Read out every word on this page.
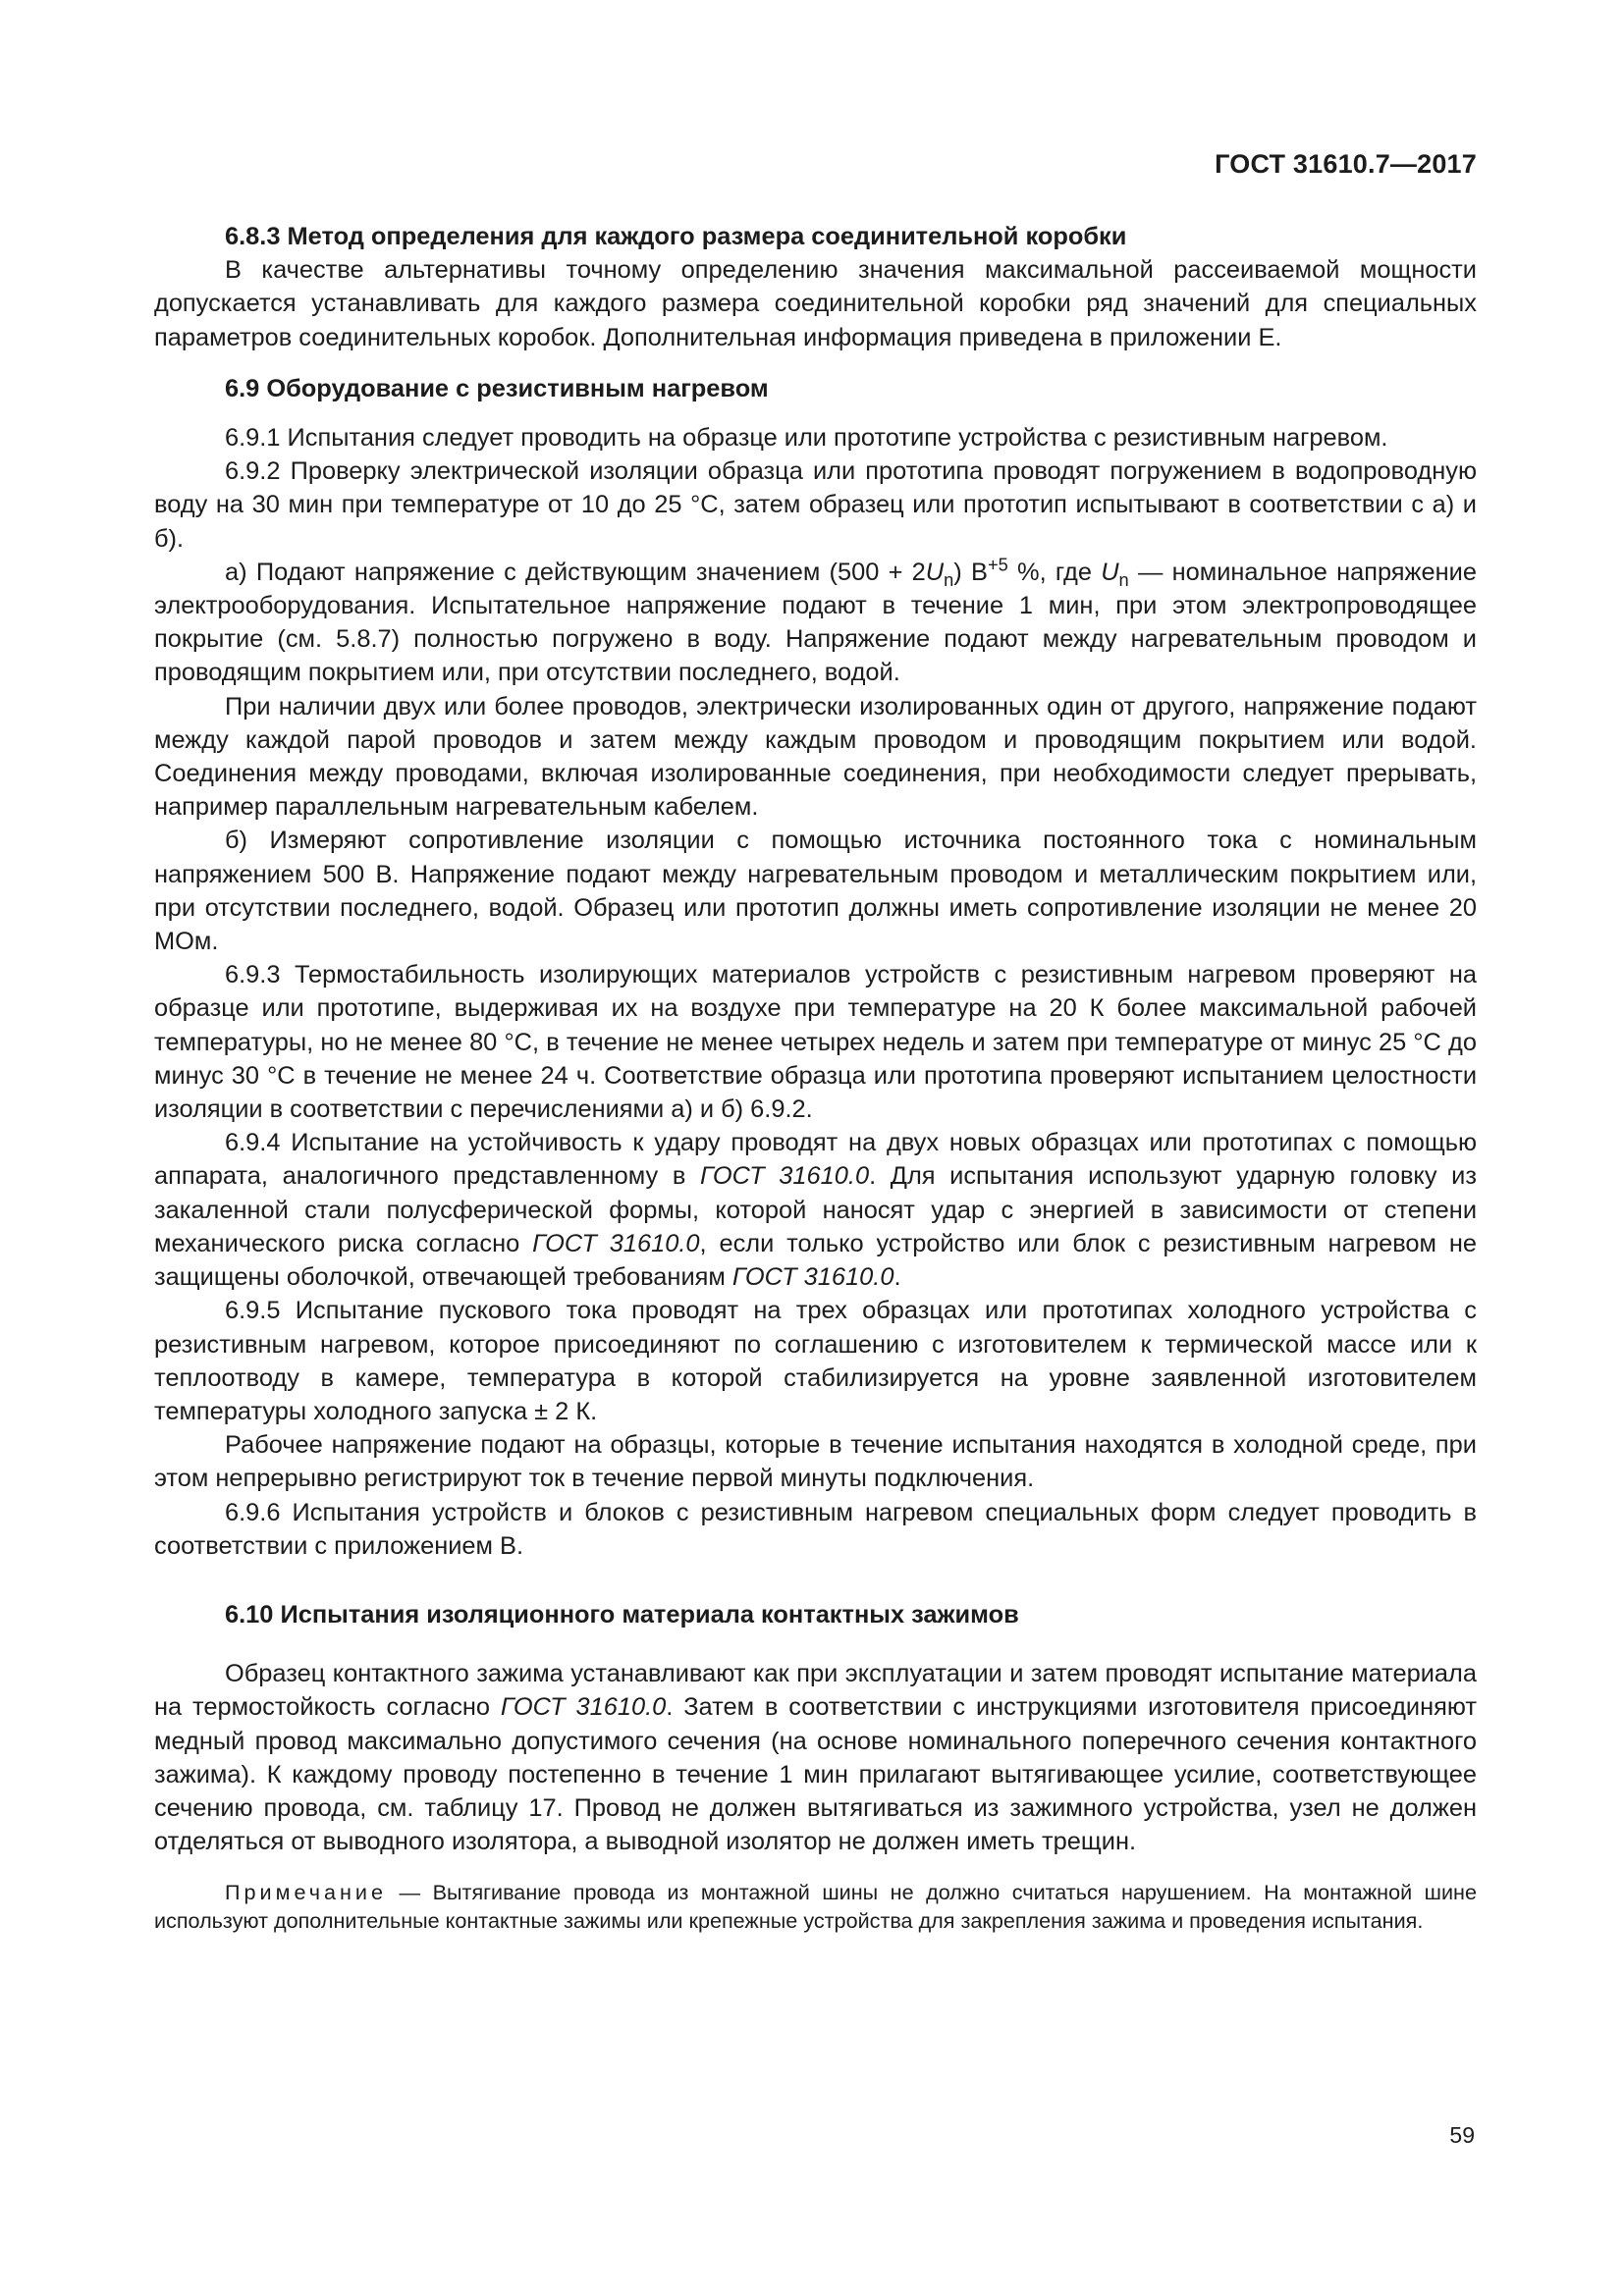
ГОСТ 31610.7—2017
6.8.3 Метод определения для каждого размера соединительной коробки

В качестве альтернативы точному определению значения максимальной рассеиваемой мощности допускается устанавливать для каждого размера соединительной коробки ряд значений для специальных параметров соединительных коробок. Дополнительная информация приведена в приложении Е.

6.9 Оборудование с резистивным нагревом

6.9.1 Испытания следует проводить на образце или прототипе устройства с резистивным нагревом.

6.9.2 Проверку электрической изоляции образца или прототипа проводят погружением в водопроводную воду на 30 мин при температуре от 10 до 25 °С, затем образец или прототип испытывают в соответствии с а) и б).

а) Подают напряжение с действующим значением $(500 + 2U_n)$ $В^{+5}$ %, где $U_n$ — номинальное напряжение электрооборудования. Испытательное напряжение подают в течение 1 мин, при этом электропроводящее покрытие (см. 5.8.7) полностью погружено в воду. Напряжение подают между нагревательным проводом и проводящим покрытием или, при отсутствии последнего, водой.

При наличии двух или более проводов, электрически изолированных один от другого, напряжение подают между каждой парой проводов и затем между каждым проводом и проводящим покрытием или водой. Соединения между проводами, включая изолированные соединения, при необходимости следует прерывать, например параллельным нагревательным кабелем.

б) Измеряют сопротивление изоляции с помощью источника постоянного тока с номинальным напряжением 500 В. Напряжение подают между нагревательным проводом и металлическим покрытием или, при отсутствии последнего, водой. Образец или прототип должны иметь сопротивление изоляции не менее 20 МОм.

6.9.3 Термостабильность изолирующих материалов устройств с резистивным нагревом проверяют на образце или прототипе, выдерживая их на воздухе при температуре на 20 К более максимальной рабочей температуры, но не менее 80 °С, в течение не менее четырех недель и затем при температуре от минус 25 °С до минус 30 °С в течение не менее 24 ч. Соответствие образца или прототипа проверяют испытанием целостности изоляции в соответствии с перечислениями а) и б) 6.9.2.

6.9.4 Испытание на устойчивость к удару проводят на двух новых образцах или прототипах с помощью аппарата, аналогичного представленному в ГОСТ 31610.0. Для испытания используют ударную головку из закаленной стали полусферической формы, которой наносят удар с энергией в зависимости от степени механического риска согласно ГОСТ 31610.0, если только устройство или блок с резистивным нагревом не защищены оболочкой, отвечающей требованиям ГОСТ 31610.0.

6.9.5 Испытание пускового тока проводят на трех образцах или прототипах холодного устройства с резистивным нагревом, которое присоединяют по соглашению с изготовителем к термической массе или к теплоотводу в камере, температура в которой стабилизируется на уровне заявленной изготовителем температуры холодного запуска ± 2 К.

Рабочее напряжение подают на образцы, которые в течение испытания находятся в холодной среде, при этом непрерывно регистрируют ток в течение первой минуты подключения.

6.9.6 Испытания устройств и блоков с резистивным нагревом специальных форм следует проводить в соответствии с приложением В.

6.10 Испытания изоляционного материала контактных зажимов

Образец контактного зажима устанавливают как при эксплуатации и затем проводят испытание материала на термостойкость согласно ГОСТ 31610.0. Затем в соответствии с инструкциями изготовителя присоединяют медный провод максимально допустимого сечения (на основе номинального поперечного сечения контактного зажима). К каждому проводу постепенно в течение 1 мин прилагают вытягивающее усилие, соответствующее сечению провода, см. таблицу 17. Провод не должен вытягиваться из зажимного устройства, узел не должен отделяться от выводного изолятора, а выводной изолятор не должен иметь трещин.

Примечание — Вытягивание провода из монтажной шины не должно считаться нарушением. На монтажной шине используют дополнительные контактные зажимы или крепежные устройства для закрепления зажима и проведения испытания.

59
